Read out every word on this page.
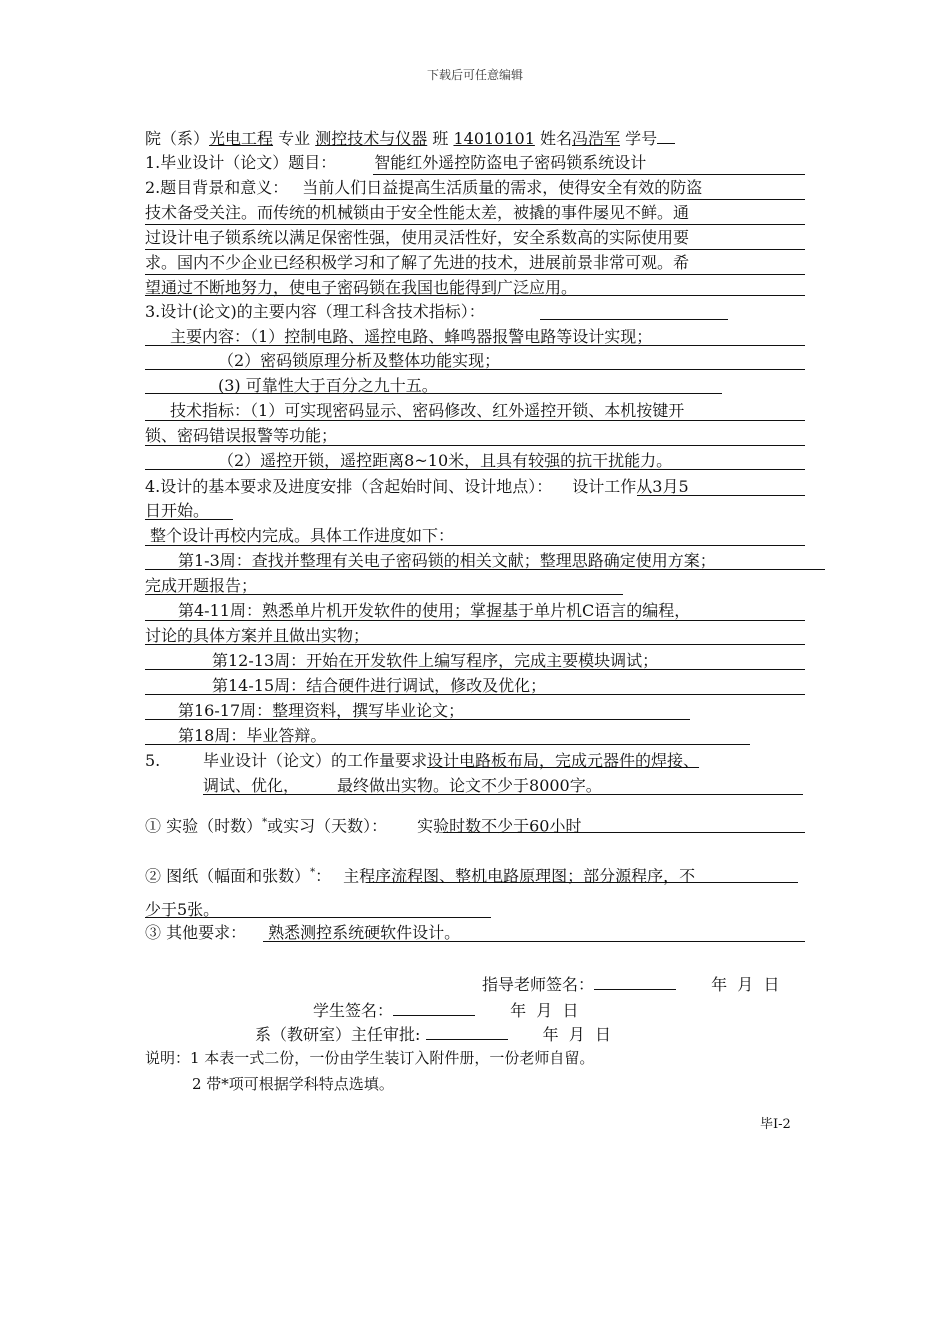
下载后可任意编辑
院（系）光电工程 专业 测控技术与仪器 班 14010101 姓名冯浩军 学号
1.毕业设计（论文）题目： 智能红外遥控防盗电子密码锁系统设计
2.题目背景和意义： 当前人们日益提高生活质量的需求，使得安全有效的防盗
技术备受关注。而传统的机械锁由于安全性能太差，被撬的事件屡见不鲜。通
过设计电子锁系统以满足保密性强，使用灵活性好，安全系数高的实际使用要
求。国内不少企业已经积极学习和了解了先进的技术，进展前景非常可观。希
望通过不断地努力，使电子密码锁在我国也能得到广泛应用。
3.设计(论文)的主要内容（理工科含技术指标）：
主要内容：（1）控制电路、遥控电路、蜂鸣器报警电路等设计实现；
（2）密码锁原理分析及整体功能实现；
(3) 可靠性大于百分之九十五。
技术指标：（1）可实现密码显示、密码修改、红外遥控开锁、本机按键开
锁、密码错误报警等功能；
（2）遥控开锁，遥控距离8~10米，且具有较强的抗干扰能力。
4.设计的基本要求及进度安排（含起始时间、设计地点）： 设计工作从3月5
日开始。
整个设计再校内完成。具体工作进度如下：
第1-3周：查找并整理有关电子密码锁的相关文献；整理思路确定使用方案；
完成开题报告；
第4-11周：熟悉单片机开发软件的使用；掌握基于单片机C语言的编程，
讨论的具体方案并且做出实物；
第12-13周：开始在开发软件上编写程序，完成主要模块调试；
第14-15周：结合硬件进行调试，修改及优化；
第16-17周：整理资料，撰写毕业论文；
第18周：毕业答辩。
5.	毕业设计（论文）的工作量要求设计电路板布局，完成元器件的焊接、
调试、优化， 最终做出实物。论文不少于8000字。
① 实验（时数）*或实习（天数）： 实验时数不少于60小时
② 图纸（幅面和张数）*： 主程序流程图、整机电路原理图；部分源程序，不
少于5张。
③ 其他要求： 熟悉测控系统硬软件设计。
指导老师签名：	年 月 日
学生签名：	年 月 日
系（教研室）主任审批:	年 月 日
说明：1 本表一式二份，一份由学生装订入附件册，一份老师自留。
2 带*项可根据学科特点选填。
毕I-2
